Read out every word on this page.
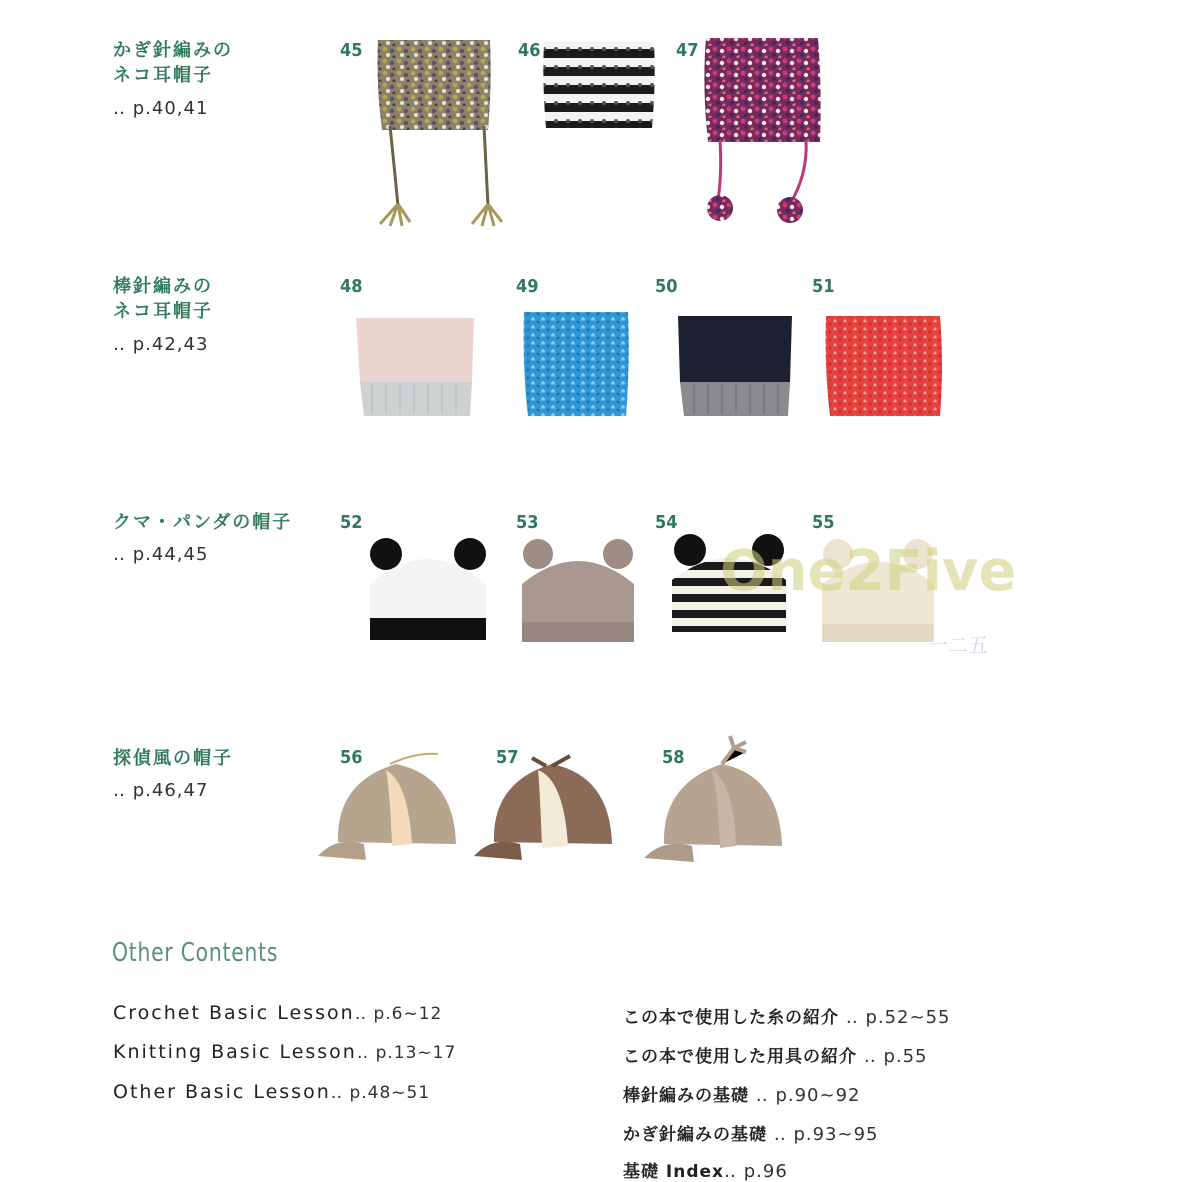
かぎ針編みの
ネコ耳帽子
‥ p.40,41
棒針編みの
ネコ耳帽子
‥ p.42,43
クマ・パンダの帽子
‥ p.44,45
探偵風の帽子
‥ p.46,47
45	46	47
48	49	50	51
52	53	54	55
56	57	58
One2Five
一二五
Other Contents
Crochet Basic Lesson‥ p.6~12
Knitting Basic Lesson‥ p.13~17
Other Basic Lesson‥ p.48~51
この本で使用した糸の紹介 ‥ p.52~55
この本で使用した用具の紹介 ‥ p.55
棒針編みの基礎 ‥ p.90~92
かぎ針編みの基礎 ‥ p.93~95
基礎 Index‥ p.96
